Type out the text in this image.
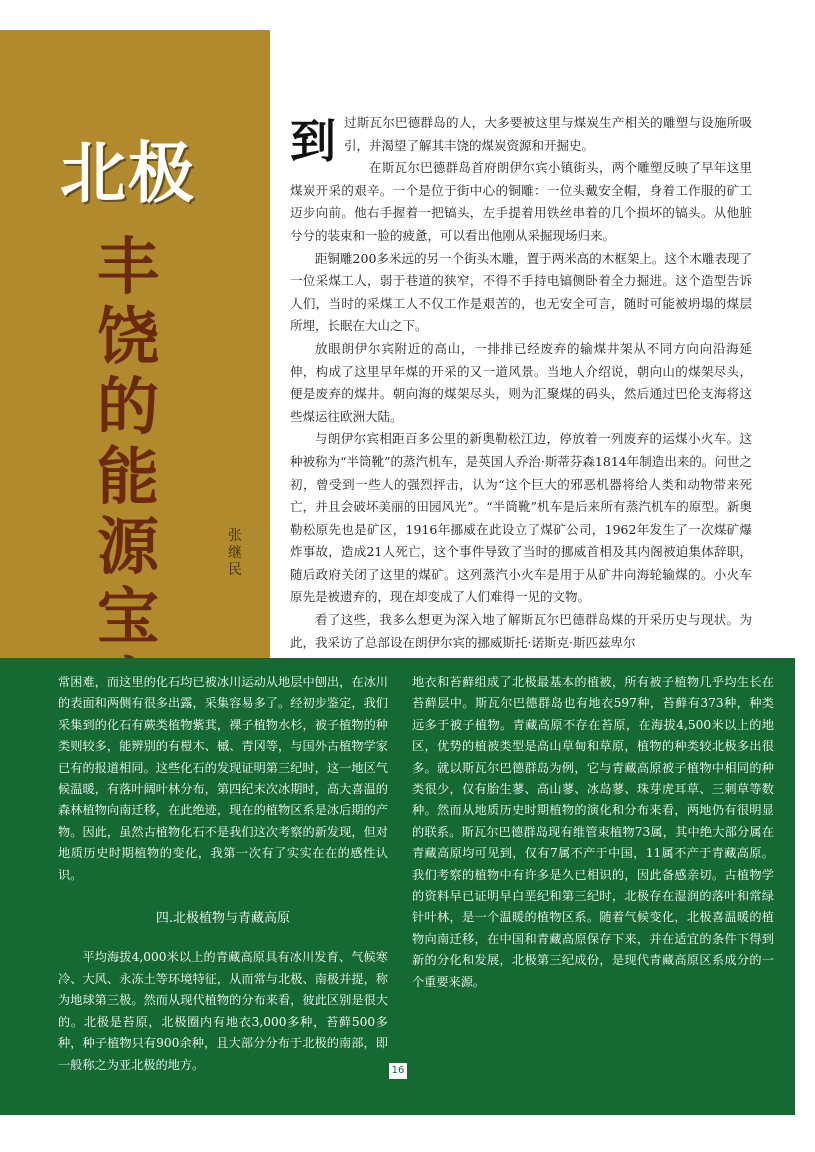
北极
丰
饶
的
能
源
宝

张
继
民

到过斯瓦尔巴德群岛的人，大多要被这里与煤炭生产相关的雕塑与设施所吸引，并渴望了解其丰饶的煤炭资源和开掘史。

在斯瓦尔巴德群岛首府朗伊尔宾小镇街头，两个雕塑反映了早年这里煤炭开采的艰辛。一个是位于街中心的铜雕：一位头戴安全帽，身着工作服的矿工迈步向前。他右手握着一把镐头，左手提着用铁丝串着的几个损坏的镐头。从他脏兮兮的装束和一脸的疲惫，可以看出他刚从采掘现场归来。

距铜雕200多米远的另一个街头木雕，置于两米高的木框架上。这个木雕表现了一位采煤工人，弱于巷道的狭窄，不得不手持电镐侧卧着全力掘进。这个造型告诉人们，当时的采煤工人不仅工作是艰苦的，也无安全可言，随时可能被坍塌的煤层所埋，长眠在大山之下。

放眼朗伊尔宾附近的高山，一排排已经废弃的输煤井架从不同方向向沿海延伸，构成了这里早年煤的开采的又一道风景。当地人介绍说，朝向山的煤架尽头，便是废弃的煤井。朝向海的煤架尽头，则为汇聚煤的码头，然后通过巴伦支海将这些煤运往欧洲大陆。

与朗伊尔宾相距百多公里的新奥勒松江边，停放着一列废弃的运煤小火车。这种被称为“半筒靴”的蒸汽机车，是英国人乔治·斯蒂芬森1814年制造出来的。问世之初，曾受到一些人的强烈抨击，认为“这个巨大的邪恶机器将给人类和动物带来死亡，并且会破坏美丽的田园风光”。“半筒靴”机车是后来所有蒸汽机车的原型。新奥勒松原先也是矿区，1916年挪威在此设立了煤矿公司，1962年发生了一次煤矿爆炸事故，造成21人死亡，这个事件导致了当时的挪威首相及其内阁被迫集体辞职，随后政府关闭了这里的煤矿。这列蒸汽小火车是用于从矿井向海轮输煤的。小火车原先是被遗弃的，现在却变成了人们难得一见的文物。

看了这些，我多么想更为深入地了解斯瓦尔巴德群岛煤的开采历史与现状。为此，我采访了总部设在朗伊尔宾的挪威斯托·诺斯克·斯匹兹卑尔

常困难，而这里的化石均已被冰川运动从地层中刨出，在冰川的表面和两侧有很多出露，采集容易多了。经初步鉴定，我们采集到的化石有蕨类植物紫萁，裸子植物水杉，被子植物的种类则较多，能辨别的有榿木、槭、青冈等，与国外古植物学家已有的报道相同。这些化石的发现证明第三纪时，这一地区气候温暖，有落叶阔叶林分布，第四纪末次冰期时，高大喜温的森林植物向南迁移，在此绝迹，现在的植物区系是冰后期的产物。因此，虽然古植物化石不是我们这次考察的新发现，但对地质历史时期植物的变化，我第一次有了实实在在的感性认识。

四.北极植物与青藏高原

平均海拔4,000米以上的青藏高原具有冰川发育、气候寒冷、大风、永冻土等环境特征，从而常与北极、南极并提，称为地球第三极。然而从现代植物的分布来看，彼此区别是很大的。北极是苔原，北极圈内有地衣3,000多种，苔藓500多种，种子植物只有900余种，且大部分分布于北极的南部，即一般称之为亚北极的地方。

地衣和苔藓组成了北极最基本的植被，所有被子植物几乎均生长在苔藓层中。斯瓦尔巴德群岛也有地衣597种，苔藓有373种，种类远多于被子植物。青藏高原不存在苔原，在海拔4,500米以上的地区，优势的植被类型是高山草甸和草原，植物的种类较北极多出很多。就以斯瓦尔巴德群岛为例，它与青藏高原被子植物中相同的种类很少，仅有胎生蓼、高山蓼、冰岛蓼、珠芽虎耳草、三刺草等数种。然而从地质历史时期植物的演化和分布来看，两地仍有很明显的联系。斯瓦尔巴德群岛现有维管束植物73属，其中绝大部分属在青藏高原均可见到，仅有7属不产于中国，11属不产于青藏高原。我们考察的植物中有许多是久已相识的，因此备感亲切。古植物学的资料早已证明早白垩纪和第三纪时，北极存在湿润的落叶和常绿针叶林，是一个温暖的植物区系。随着气候变化，北极喜温暖的植物向南迁移，在中国和青藏高原保存下来，并在适宜的条件下得到新的分化和发展，北极第三纪成份，是现代青藏高原区系成分的一个重要来源。

16
